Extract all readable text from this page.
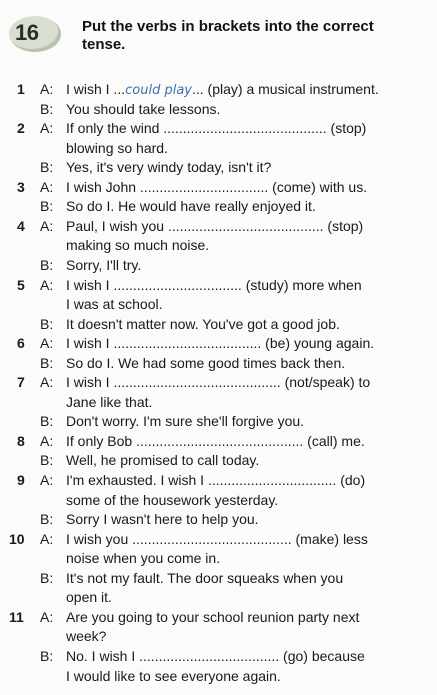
16	Put the verbs in brackets into the correct tense.
1 A: I wish I ...could play... (play) a musical instrument.
B: You should take lessons.
2 A: If only the wind .......................................... (stop)
blowing so hard.
B: Yes, it's very windy today, isn't it?
3 A: I wish John ................................. (come) with us.
B: So do I. He would have really enjoyed it.
4 A: Paul, I wish you ........................................ (stop)
making so much noise.
B: Sorry, I'll try.
5 A: I wish I ................................. (study) more when
I was at school.
B: It doesn't matter now. You've got a good job.
6 A: I wish I ...................................... (be) young again.
B: So do I. We had some good times back then.
7 A: I wish I ........................................... (not/speak) to
Jane like that.
B: Don't worry. I'm sure she'll forgive you.
8 A: If only Bob ........................................... (call) me.
B: Well, he promised to call today.
9 A: I'm exhausted. I wish I ................................. (do)
some of the housework yesterday.
B: Sorry I wasn't here to help you.
10 A: I wish you ......................................... (make) less
noise when you come in.
B: It's not my fault. The door squeaks when you
open it.
11 A: Are you going to your school reunion party next
week?
B: No. I wish I .................................... (go) because
I would like to see everyone again.
